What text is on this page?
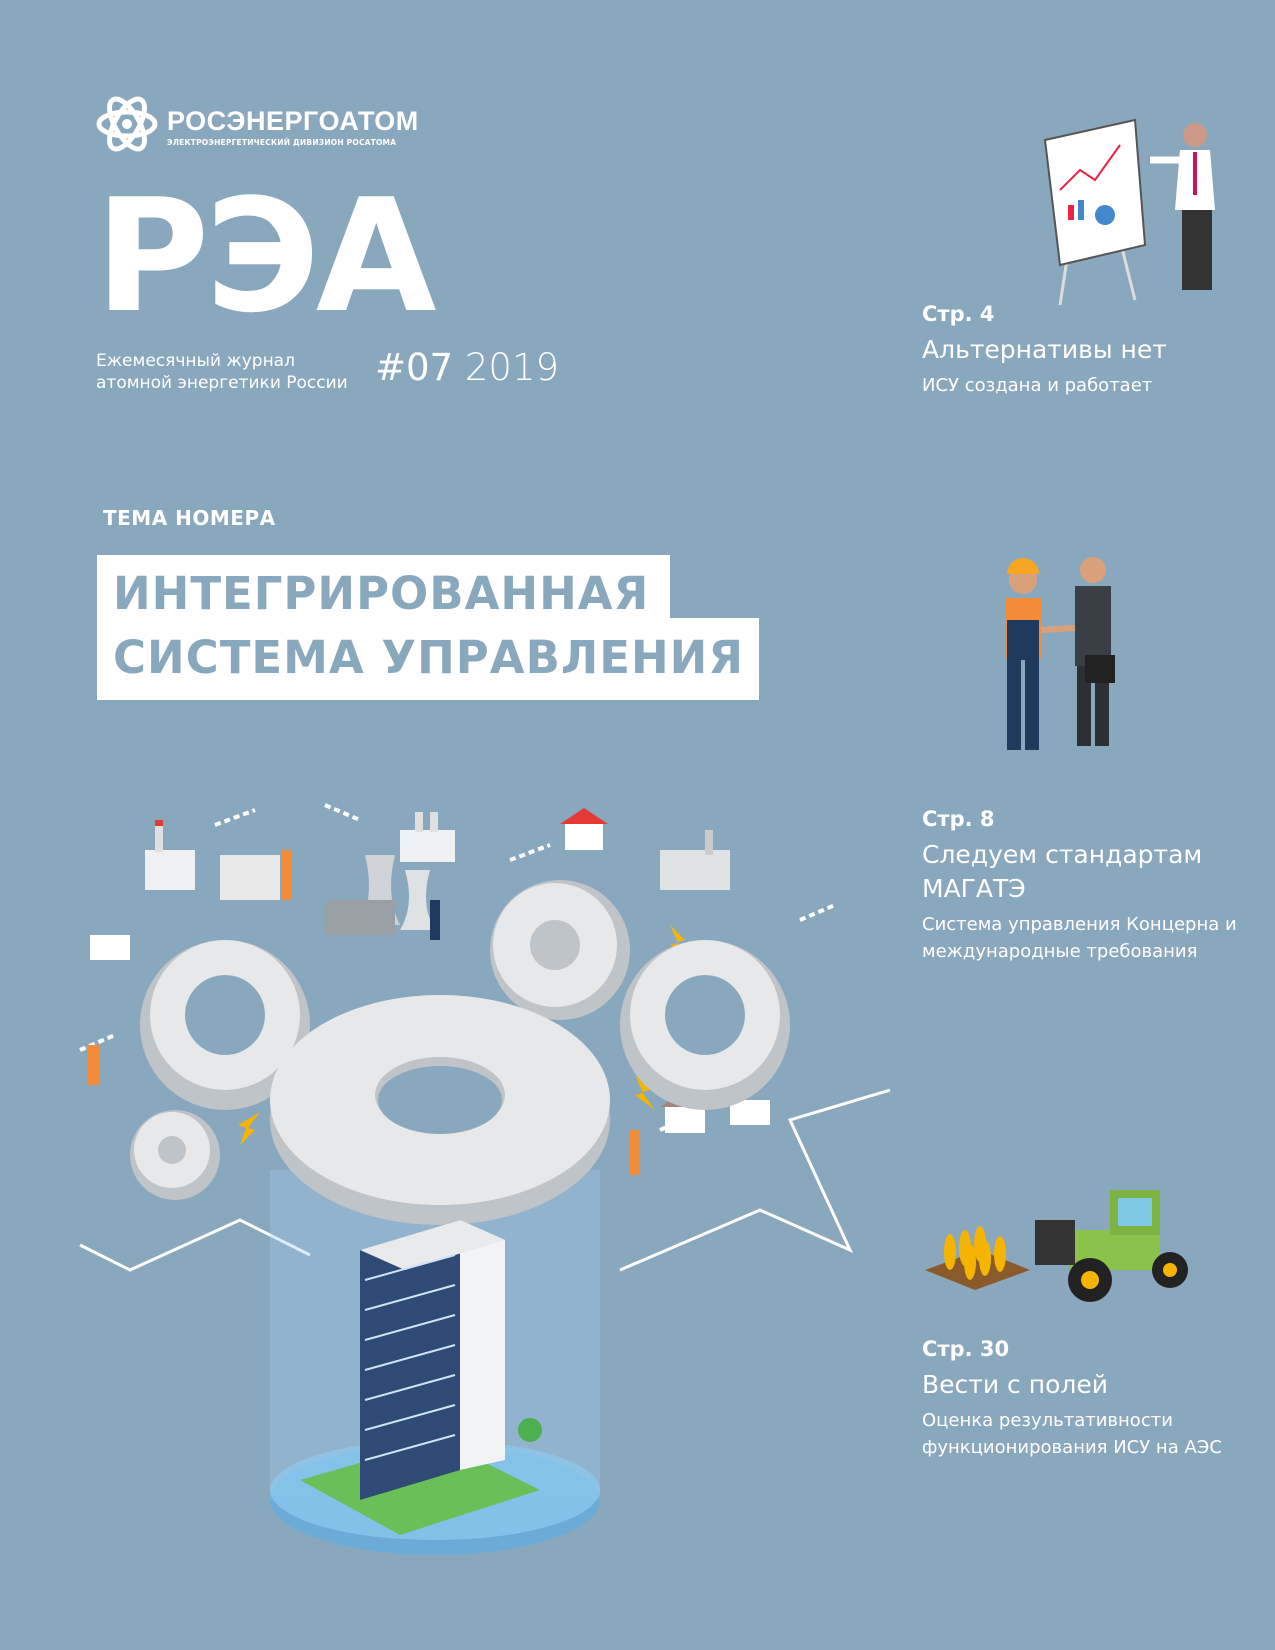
РОСЭНЕРГОАТОМ
ЭЛЕКТРОЭНЕРГЕТИЧЕСКИЙ ДИВИЗИОН РОСАТОМА
РЭА
Ежемесячный журнал
атомной энергетики России #07 2019
ТЕМА НОМЕРА
ИНТЕГРИРОВАННАЯ
СИСТЕМА УПРАВЛЕНИЯ
Стр. 4
Альтернативы нет
ИСУ создана и работает
Стр. 8
Следуем стандартам МАГАТЭ
Система управления Концерна и международные требования
Стр. 30
Вести с полей
Оценка результативности функционирования ИСУ на АЭС
